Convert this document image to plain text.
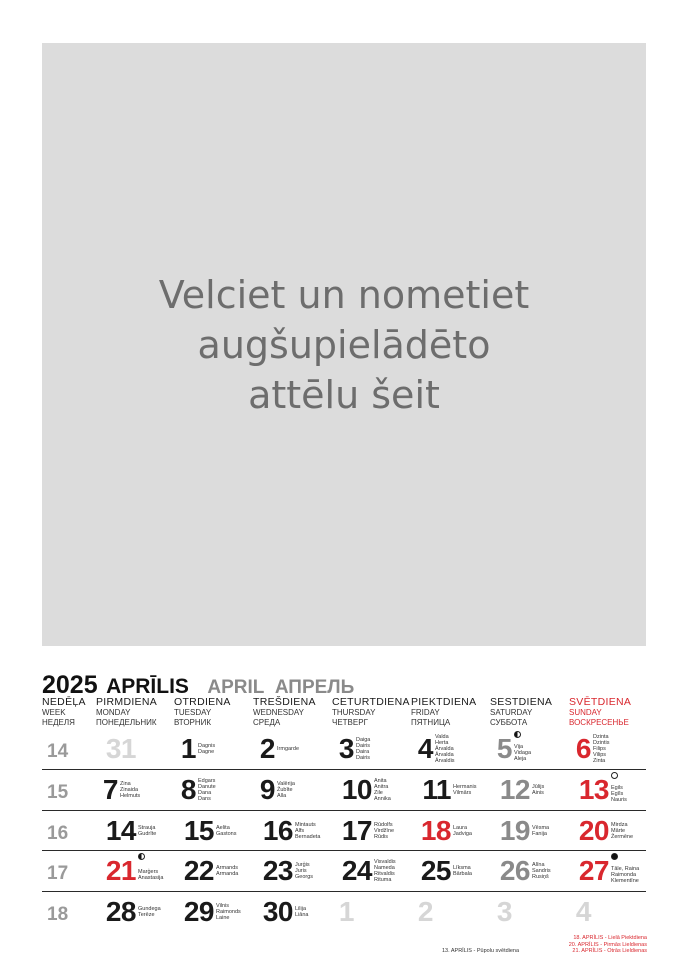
Velciet un nometiet
augšupielādēto
attēlu šeit
2025 APRĪLIS APRIL АПРЕЛЬ
NEDĒĻA
WEEK
НЕДЕЛЯ
PIRMDIENA
MONDAY
ПОНЕДЕЛЬНИК
OTRDIENA
TUESDAY
ВТОРНИК
TREŠDIENA
WEDNESDAY
СРЕДА
CETURTDIENA
THURSDAY
ЧЕТВЕРГ
PIEKTDIENA
FRIDAY
ПЯТНИЦА
SESTDIENA
SATURDAY
СУББОТА
SVĒTDIENA
SUNDAY
ВОСКРЕСЕНЬЕ
14 31 1 Dagnis
Dagne 2 Irmgarde 3 Daiga
Dairis
Daira
Dairis 4 Valda
Herta
Ārvalda
Ārvalda
Ārvaldis 5 Vija
Vidaga
Aleja 6 Dzinta
Dzintis
Filips
Vilips
Zinta
15 7 Zina
Zinaida
Helmuts 8 Edgars
Danute
Dana
Dans 9 Valērija
Žubīte
Alla	10 Anita
Anitra
Zile
Annika 11 Hermanis
Vilmārs 12 Jūlijs
Ainis 13 Egils
Egīls
Nauris
16 14 Strauja
Gudrīte 15 Aelita
Gastons 16 Mintauts
Alfs
Bernadeta 17 Rūdolfs
Virdžīne
Rūdis 18 Laura
Jadviga 19 Vēsma
Fanija 20 Mirdza
Mārte
Žermēne
17 21 Marģers
Anastasija 22 Armands
Armanda 23 Jurģis
Juris
Georgs 24 Visvaldis
Nameda
Ritvaldis
Rituma 25 Līksma
Bārbala 26 Alīna
Sandris
Rusiņš 27 Tāle, Raina
Raimonda
Klementīne
18 28 Gundega
Terēze 29 Vilnis
Raimonds
Laine	30 Lilija
Liāna 1 2 3 4
18. APRĪLIS - Lielā Piektdiena
20. APRĪLIS - Pirmās Lieldienas
21. APRĪLIS - Otrās Lieldienas
13. APRĪLIS - Pūpolu svētdiena
